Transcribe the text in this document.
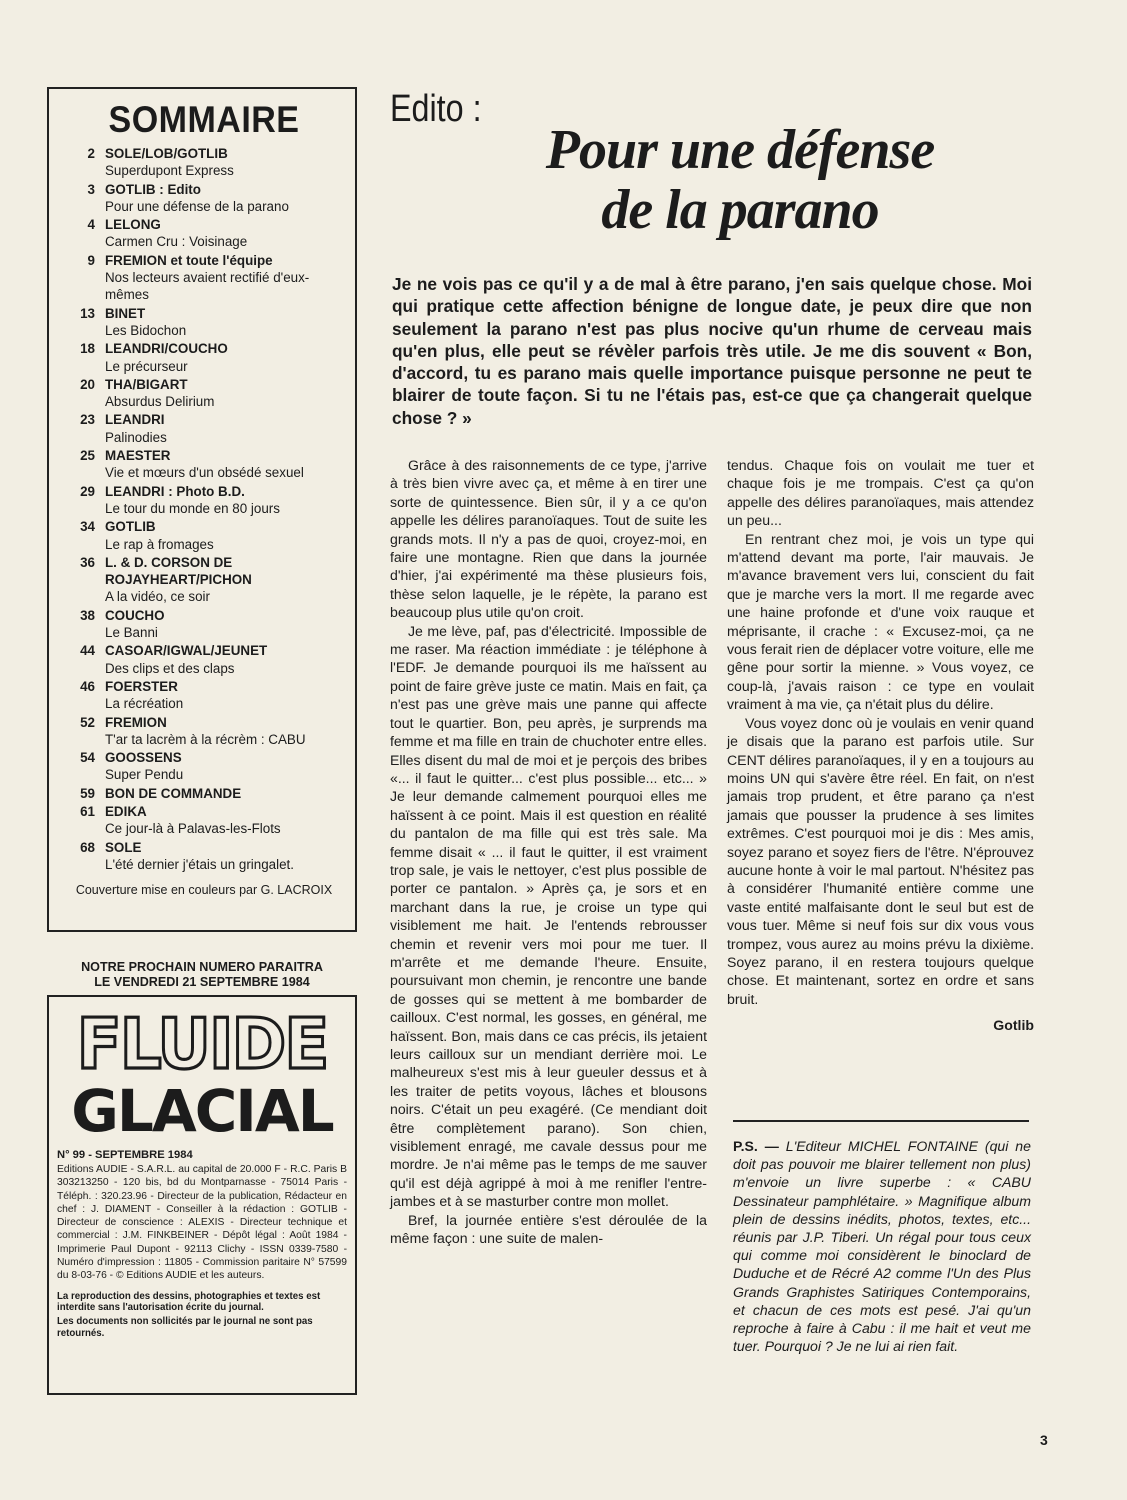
SOMMAIRE
2 SOLE/LOB/GOTLIB
Superdupont Express
3 GOTLIB : Edito
Pour une défense de la parano
4 LELONG
Carmen Cru : Voisinage
9 FREMION et toute l'équipe
Nos lecteurs avaient rectifié d'eux-mêmes
13 BINET
Les Bidochon
18 LEANDRI/COUCHO
Le précurseur
20 THA/BIGART
Absurdus Delirium
23 LEANDRI
Palinodies
25 MAESTER
Vie et mœurs d'un obsédé sexuel
29 LEANDRI : Photo B.D.
Le tour du monde en 80 jours
34 GOTLIB
Le rap à fromages
36 L. & D. CORSON DE ROJAYHEART/PICHON
A la vidéo, ce soir
38 COUCHO
Le Banni
44 CASOAR/IGWAL/JEUNET
Des clips et des claps
46 FOERSTER
La récréation
52 FREMION
T'ar ta lacrèm à la récrèm : CABU
54 GOOSSENS
Super Pendu
59 BON DE COMMANDE
61 EDIKA
Ce jour-là à Palavas-les-Flots
68 SOLE
L'été dernier j'étais un gringalet.
Couverture mise en couleurs par G. LACROIX
NOTRE PROCHAIN NUMERO PARAITRA
LE VENDREDI 21 SEPTEMBRE 1984
FLUIDE
GLACIAL
N° 99 - SEPTEMBRE 1984
Editions AUDIE - S.A.R.L. au capital de 20.000 F - R.C. Paris B 303213250 - 120 bis, bd du Montparnasse - 75014 Paris - Téléph. : 320.23.96 - Directeur de la publication, Rédacteur en chef : J. DIAMENT - Conseiller à la rédaction : GOTLIB - Directeur de conscience : ALEXIS - Directeur technique et commercial : J.M. FINKBEINER - Dépôt légal : Août 1984 - Imprimerie Paul Dupont - 92113 Clichy - ISSN 0339-7580 - Numéro d'impression : 11805 - Commission paritaire N° 57599 du 8-03-76 - © Editions AUDIE et les auteurs.
La reproduction des dessins, photographies et textes est interdite sans l'autorisation écrite du journal.
Les documents non sollicités par le journal ne sont pas retournés.
Edito :
Pour une défense
de la parano

Je ne vois pas ce qu'il y a de mal à être parano, j'en sais quelque chose. Moi qui pratique cette affection bénigne de longue date, je peux dire que non seulement la parano n'est pas plus nocive qu'un rhume de cerveau mais qu'en plus, elle peut se révèler parfois très utile. Je me dis souvent « Bon, d'accord, tu es parano mais quelle importance puisque personne ne peut te blairer de toute façon. Si tu ne l'étais pas, est-ce que ça changerait quelque chose ? »

Grâce à des raisonnements de ce type, j'arrive à très bien vivre avec ça, et même à en tirer une sorte de quintessence. Bien sûr, il y a ce qu'on appelle les délires paranoïaques. Tout de suite les grands mots. Il n'y a pas de quoi, croyez-moi, en faire une montagne. Rien que dans la journée d'hier, j'ai expérimenté ma thèse plusieurs fois, thèse selon laquelle, je le répète, la parano est beaucoup plus utile qu'on croit.

Je me lève, paf, pas d'électricité. Impossible de me raser. Ma réaction immédiate : je téléphone à l'EDF. Je demande pourquoi ils me haïssent au point de faire grève juste ce matin. Mais en fait, ça n'est pas une grève mais une panne qui affecte tout le quartier. Bon, peu après, je surprends ma femme et ma fille en train de chuchoter entre elles. Elles disent du mal de moi et je perçois des bribes «... il faut le quitter... c'est plus possible... etc... » Je leur demande calmement pourquoi elles me haïssent à ce point. Mais il est question en réalité du pantalon de ma fille qui est très sale. Ma femme disait « ... il faut le quitter, il est vraiment trop sale, je vais le nettoyer, c'est plus possible de porter ce pantalon. » Après ça, je sors et en marchant dans la rue, je croise un type qui visiblement me hait. Je l'entends rebrousser chemin et revenir vers moi pour me tuer. Il m'arrête et me demande l'heure. Ensuite, poursuivant mon chemin, je rencontre une bande de gosses qui se mettent à me bombarder de cailloux. C'est normal, les gosses, en général, me haïssent. Bon, mais dans ce cas précis, ils jetaient leurs cailloux sur un mendiant derrière moi. Le malheureux s'est mis à leur gueuler dessus et à les traiter de petits voyous, lâches et blousons noirs. C'était un peu exagéré. (Ce mendiant doit être complètement parano). Son chien, visiblement enragé, me cavale dessus pour me mordre. Je n'ai même pas le temps de me sauver qu'il est déjà agrippé à moi à me renifler l'entre-jambes et à se masturber contre mon mollet.

Bref, la journée entière s'est déroulée de la même façon : une suite de malen-

tendus. Chaque fois on voulait me tuer et chaque fois je me trompais. C'est ça qu'on appelle des délires paranoïaques, mais attendez un peu...

En rentrant chez moi, je vois un type qui m'attend devant ma porte, l'air mauvais. Je m'avance bravement vers lui, conscient du fait que je marche vers la mort. Il me regarde avec une haine profonde et d'une voix rauque et méprisante, il crache : « Excusez-moi, ça ne vous ferait rien de déplacer votre voiture, elle me gêne pour sortir la mienne. » Vous voyez, ce coup-là, j'avais raison : ce type en voulait vraiment à ma vie, ça n'était plus du délire.

Vous voyez donc où je voulais en venir quand je disais que la parano est parfois utile. Sur CENT délires paranoïaques, il y en a toujours au moins UN qui s'avère être réel. En fait, on n'est jamais trop prudent, et être parano ça n'est jamais que pousser la prudence à ses limites extrêmes. C'est pourquoi moi je dis : Mes amis, soyez parano et soyez fiers de l'être. N'éprouvez aucune honte à voir le mal partout. N'hésitez pas à considérer l'humanité entière comme une vaste entité malfaisante dont le seul but est de vous tuer. Même si neuf fois sur dix vous vous trompez, vous aurez au moins prévu la dixième. Soyez parano, il en restera toujours quelque chose. Et maintenant, sortez en ordre et sans bruit.

Gotlib

P.S. — L'Editeur MICHEL FONTAINE (qui ne doit pas pouvoir me blairer tellement non plus) m'envoie un livre superbe : « CABU Dessinateur pamphlétaire. » Magnifique album plein de dessins inédits, photos, textes, etc... réunis par J.P. Tiberi. Un régal pour tous ceux qui comme moi considèrent le binoclard de Duduche et de Récré A2 comme l'Un des Plus Grands Graphistes Satiriques Contemporains, et chacun de ces mots est pesé. J'ai qu'un reproche à faire à Cabu : il me hait et veut me tuer. Pourquoi ? Je ne lui ai rien fait.

3
